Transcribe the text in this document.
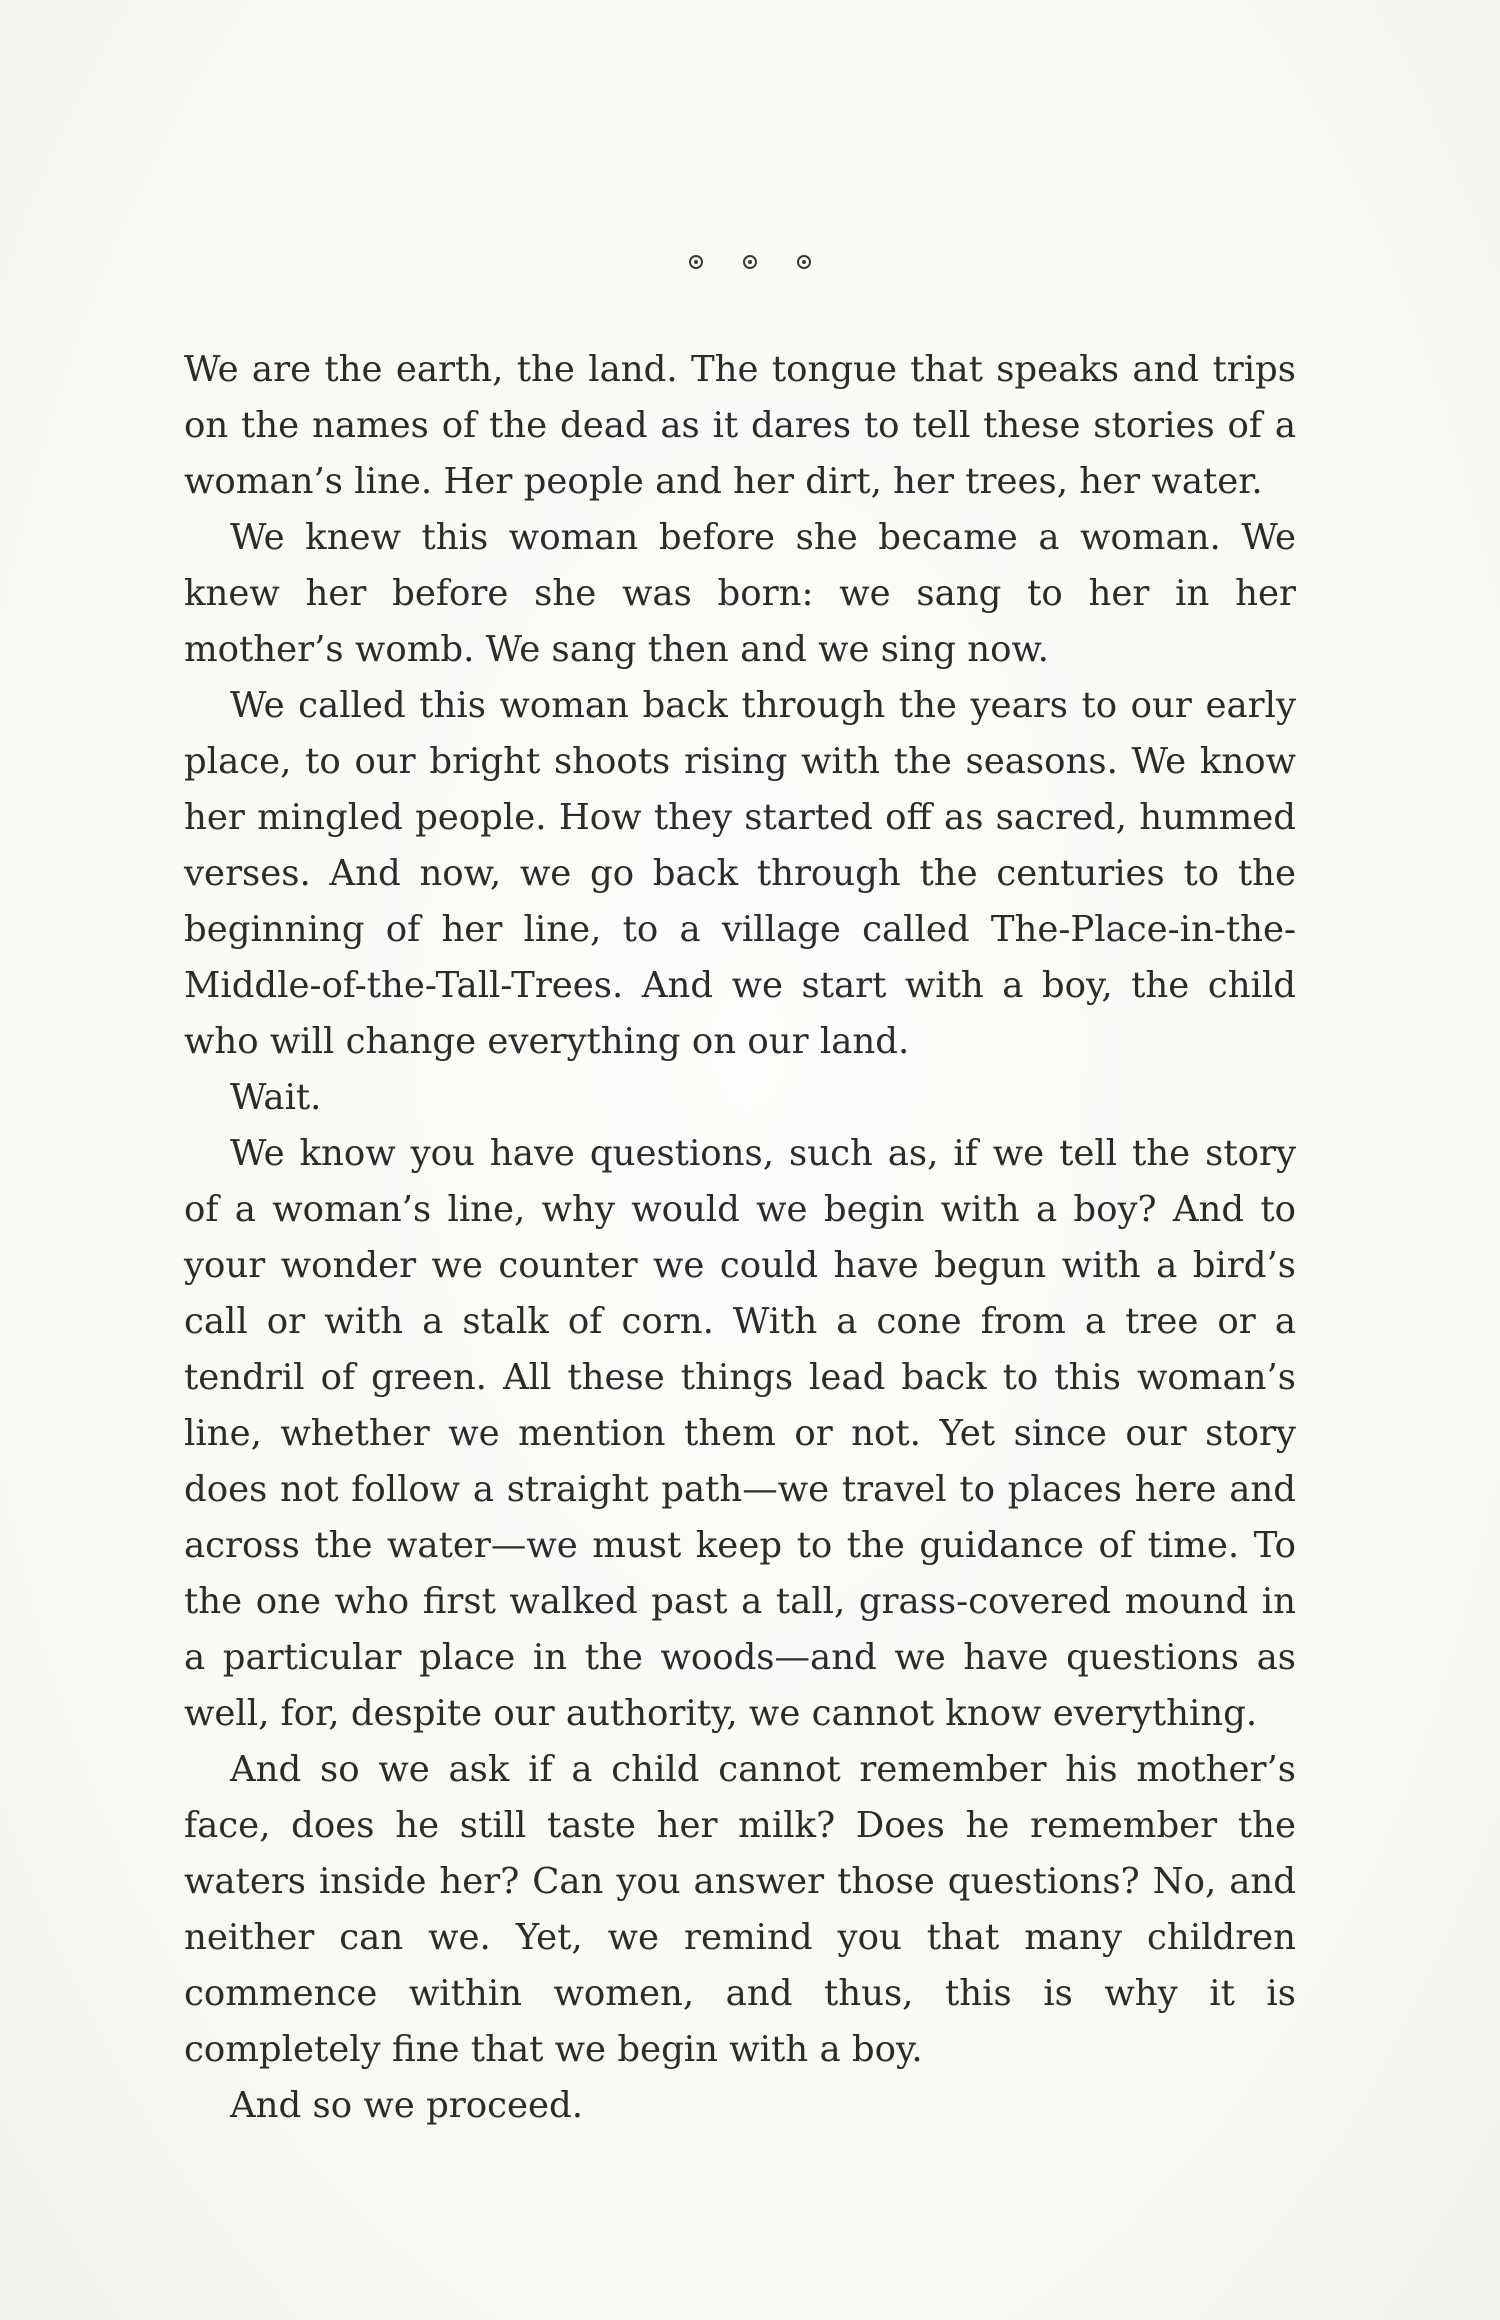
We are the earth, the land. The tongue that speaks and trips on the names of the dead as it dares to tell these stories of a woman’s line. Her people and her dirt, her trees, her water.

We knew this woman before she became a woman. We knew her before she was born: we sang to her in her mother’s womb. We sang then and we sing now.

We called this woman back through the years to our early place, to our bright shoots rising with the seasons. We know her mingled people. How they started off as sacred, hummed verses. And now, we go back through the centuries to the beginning of her line, to a village called The-Place-in-the-Middle-of-the-Tall-Trees. And we start with a boy, the child who will change everything on our land.

Wait.

We know you have questions, such as, if we tell the story of a woman’s line, why would we begin with a boy? And to your wonder we counter we could have begun with a bird’s call or with a stalk of corn. With a cone from a tree or a tendril of green. All these things lead back to this woman’s line, whether we mention them or not. Yet since our story does not follow a straight path—we travel to places here and across the water—we must keep to the guidance of time. To the one who first walked past a tall, grass-covered mound in a particular place in the woods—and we have questions as well, for, despite our authority, we cannot know everything.

And so we ask if a child cannot remember his mother’s face, does he still taste her milk? Does he remember the waters inside her? Can you answer those questions? No, and neither can we. Yet, we remind you that many children commence within women, and thus, this is why it is completely fine that we begin with a boy.

And so we proceed.
